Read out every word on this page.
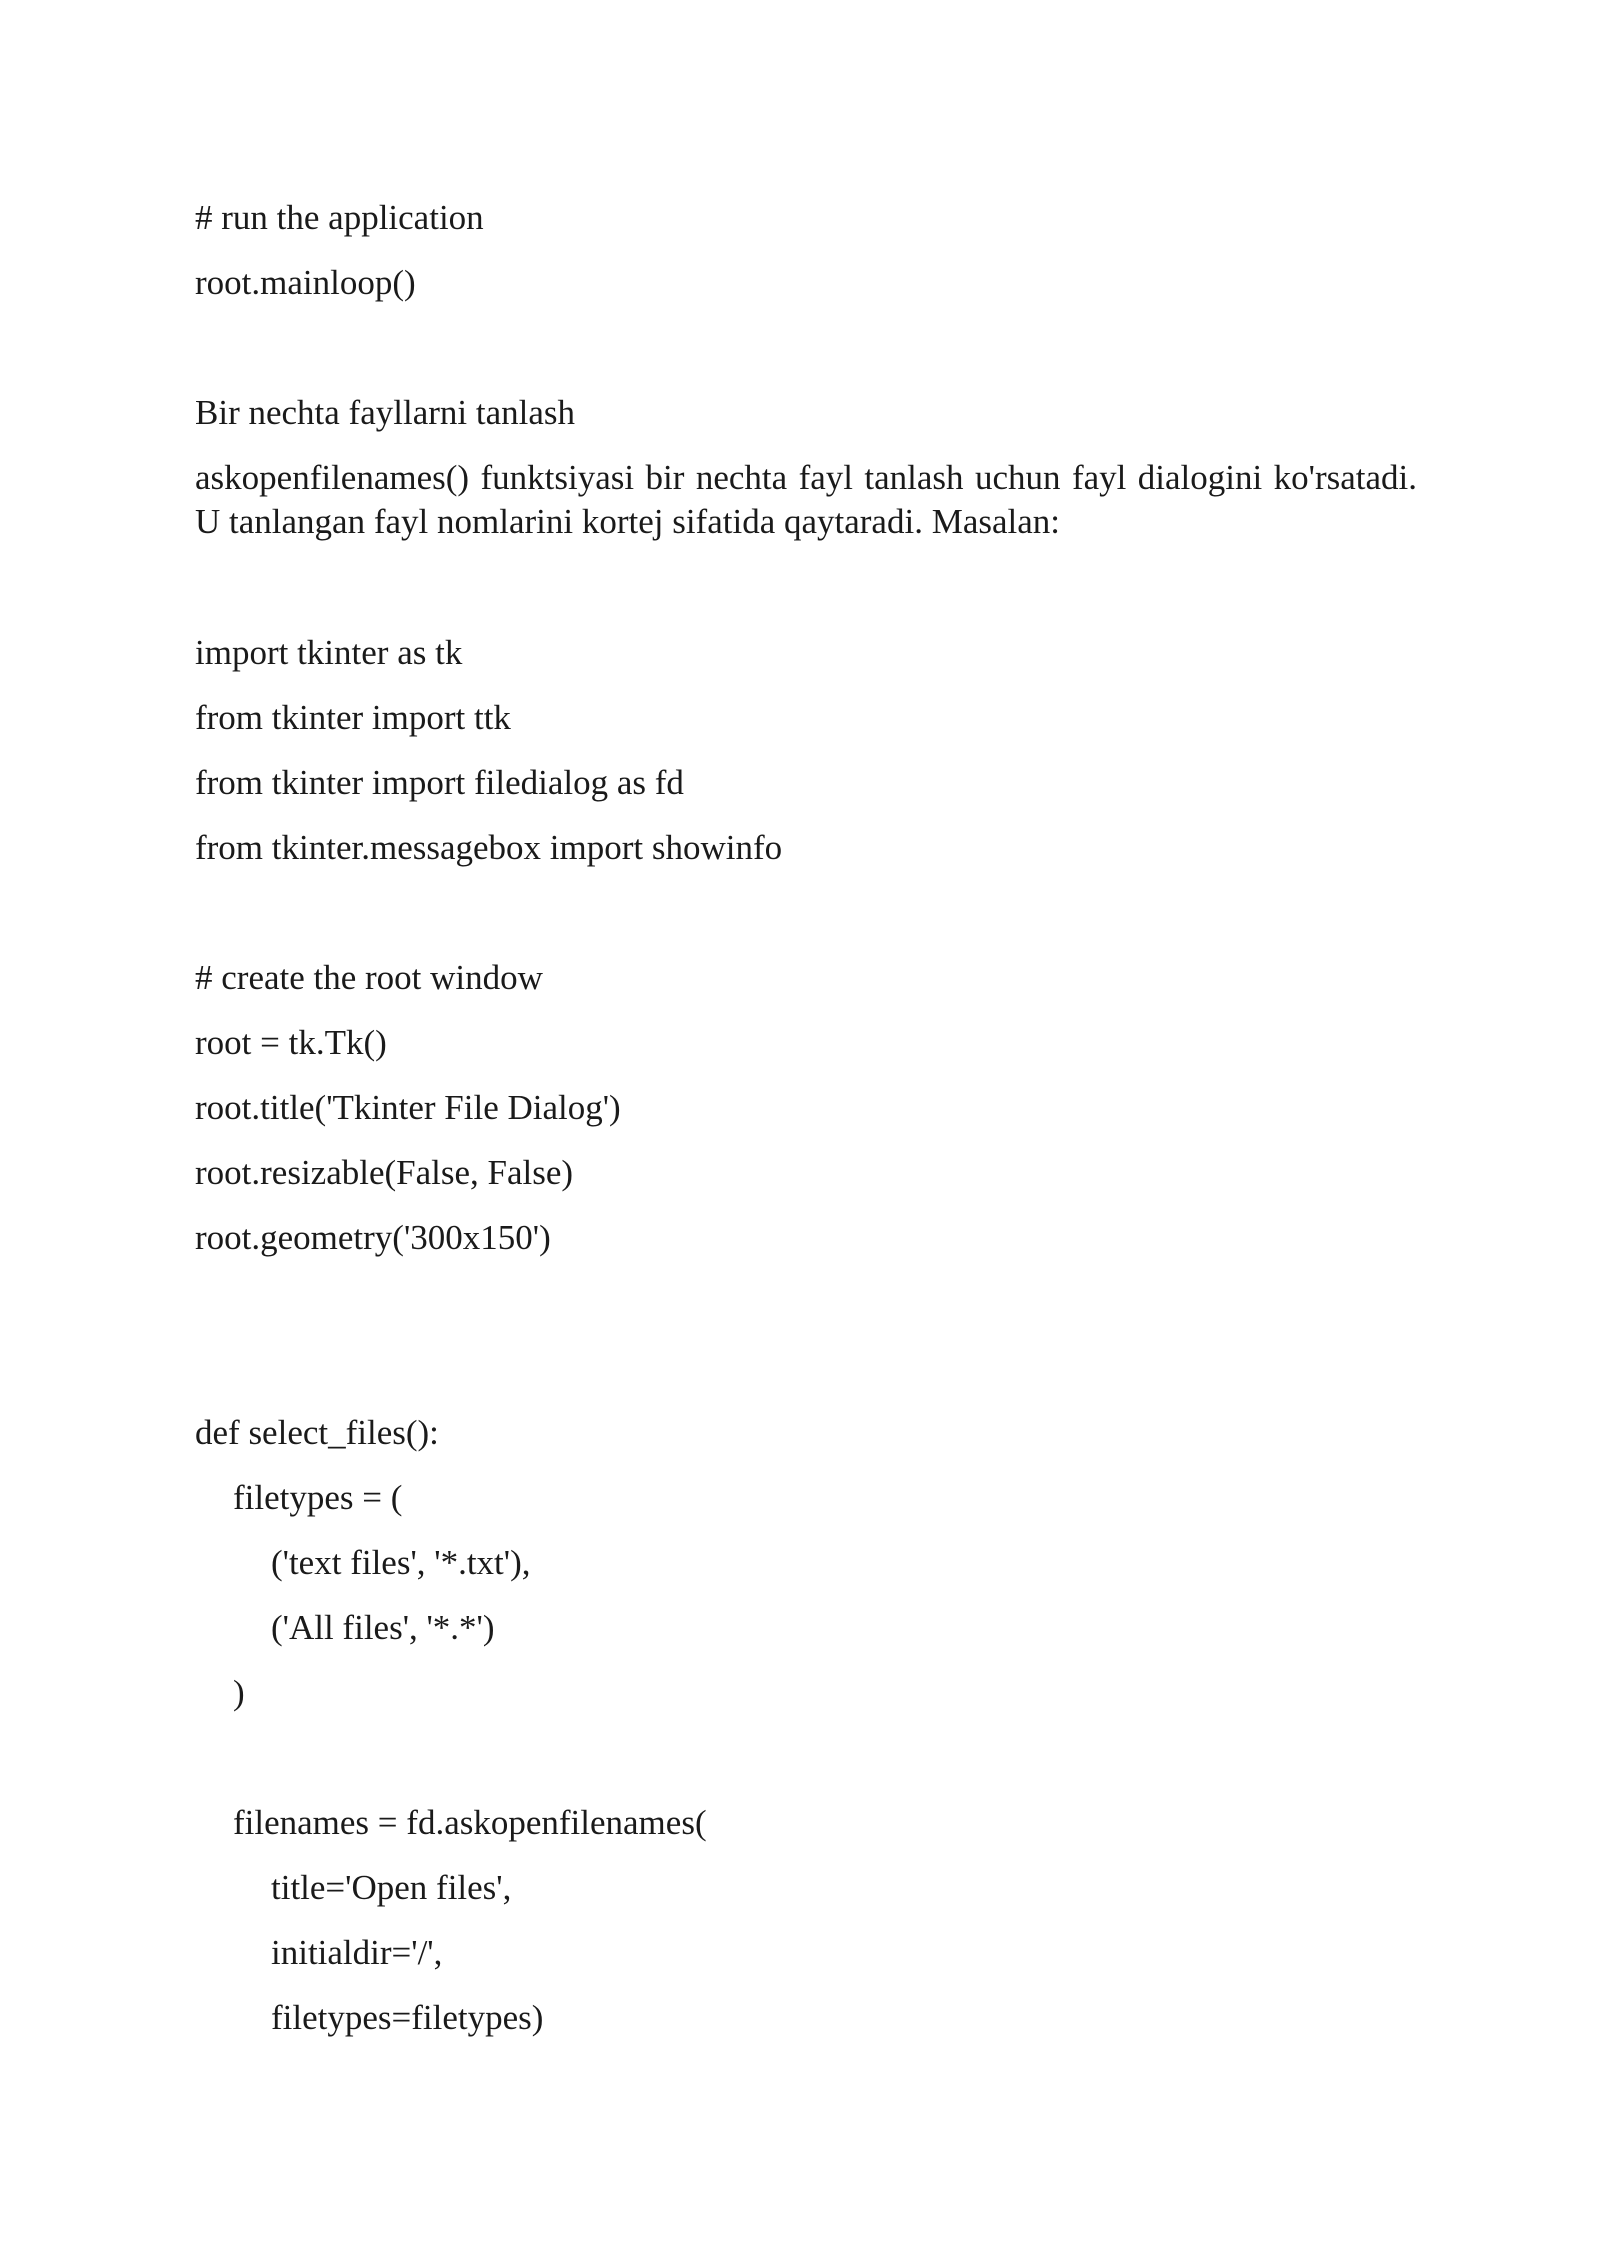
# run the application
root.mainloop()
Bir nechta fayllarni tanlash
askopenfilenames() funktsiyasi bir nechta fayl tanlash uchun fayl dialogini ko'rsatadi. U tanlangan fayl nomlarini kortej sifatida qaytaradi. Masalan:
import tkinter as tk
from tkinter import ttk
from tkinter import filedialog as fd
from tkinter.messagebox import showinfo
# create the root window
root = tk.Tk()
root.title('Tkinter File Dialog')
root.resizable(False, False)
root.geometry('300x150')
def select_files():
filetypes = (
('text files', '*.txt'),
('All files', '*.*')
)
filenames = fd.askopenfilenames(
title='Open files',
initialdir='/',
filetypes=filetypes)
